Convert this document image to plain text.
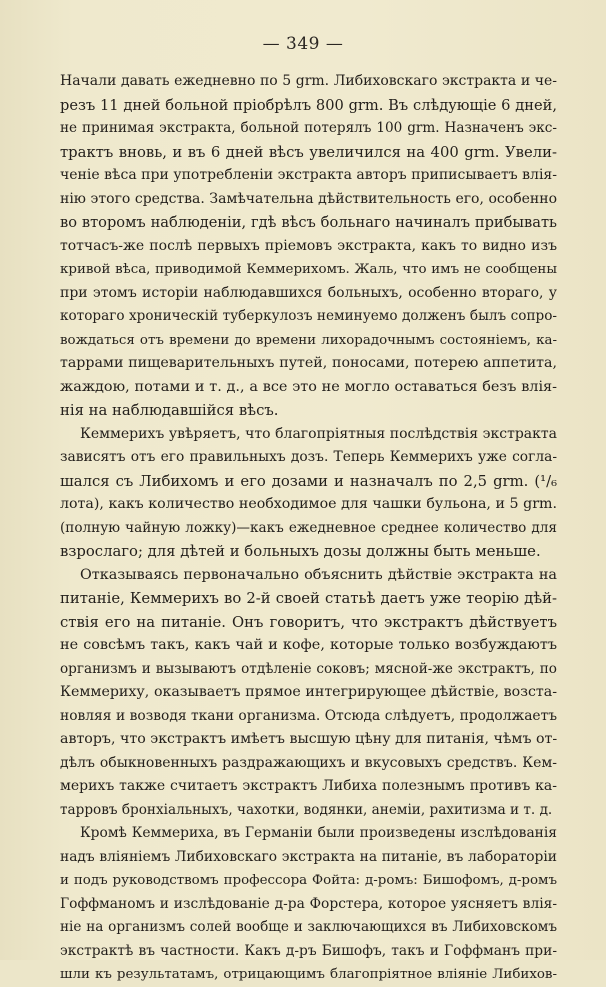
— 349 —
Начали давать ежедневно по 5 grm. Либиховскаго экстракта и че-
резъ 11 дней больной пріобрѣлъ 800 grm. Въ слѣдующіе 6 дней,
не принимая экстракта, больной потерялъ 100 grm. Назначенъ экс-
трактъ вновь, и въ 6 дней вѣсъ увеличился на 400 grm. Увели-
ченіе вѣса при употребленіи экстракта авторъ приписываетъ влія-
нію этого средства. Замѣчательна дѣйствительность его, особенно
во второмъ наблюденіи, гдѣ вѣсъ больнаго начиналъ прибывать
тотчасъ-же послѣ первыхъ пріемовъ экстракта, какъ то видно изъ
кривой вѣса, приводимой Кеммерихомъ. Жаль, что имъ не сообщены
при этомъ исторіи наблюдавшихся больныхъ, особенно втораго, у
котораго хроническій туберкулозъ неминуемо долженъ былъ сопро-
вождаться отъ времени до времени лихорадочнымъ состояніемъ, ка-
таррами пищеварительныхъ путей, поносами, потерею аппетита,
жаждою, потами и т. д., а все это не могло оставаться безъ влія-
нія на наблюдавшійся вѣсъ.
Кеммерихъ увѣряетъ, что благопріятныя послѣдствія экстракта
зависятъ отъ его правильныхъ дозъ. Теперь Кеммерихъ уже согла-
шался съ Либихомъ и его дозами и назначалъ по 2,5 grm. (¹/₆
лота), какъ количество необходимое для чашки бульона, и 5 grm.
(полную чайную ложку)—какъ ежедневное среднее количество для
взрослаго; для дѣтей и больныхъ дозы должны быть меньше.
Отказываясь первоначально объяснить дѣйствіе экстракта на
питаніе, Кеммерихъ во 2-й своей статьѣ даетъ уже теорію дѣй-
ствія его на питаніе. Онъ говоритъ, что экстрактъ дѣйствуетъ
не совсѣмъ такъ, какъ чай и кофе, которые только возбуждаютъ
организмъ и вызываютъ отдѣленіе соковъ; мясной-же экстрактъ, по
Кеммериху, оказываетъ прямое интегрирующее дѣйствіе, возста-
новляя и возводя ткани организма. Отсюда слѣдуетъ, продолжаетъ
авторъ, что экстрактъ имѣетъ высшую цѣну для питанія, чѣмъ от-
дѣлъ обыкновенныхъ раздражающихъ и вкусовыхъ средствъ. Кем-
мерихъ также считаетъ экстрактъ Либиха полезнымъ противъ ка-
тарровъ бронхіальныхъ, чахотки, водянки, анеміи, рахитизма и т. д.
Кромѣ Кеммериха, въ Германіи были произведены изслѣдованія
надъ вліяніемъ Либиховскаго экстракта на питаніе, въ лабораторіи
и подъ руководствомъ профессора Фойта: д-ромъ: Бишофомъ, д-ромъ
Гоффманомъ и изслѣдованіе д-ра Форстера, которое уясняетъ влія-
ніе на организмъ солей вообще и заключающихся въ Либиховскомъ
экстрактѣ въ частности. Какъ д-ръ Бишофъ, такъ и Гоффманъ при-
шли къ результатамъ, отрицающимъ благопріятное вліяніе Либихов-
